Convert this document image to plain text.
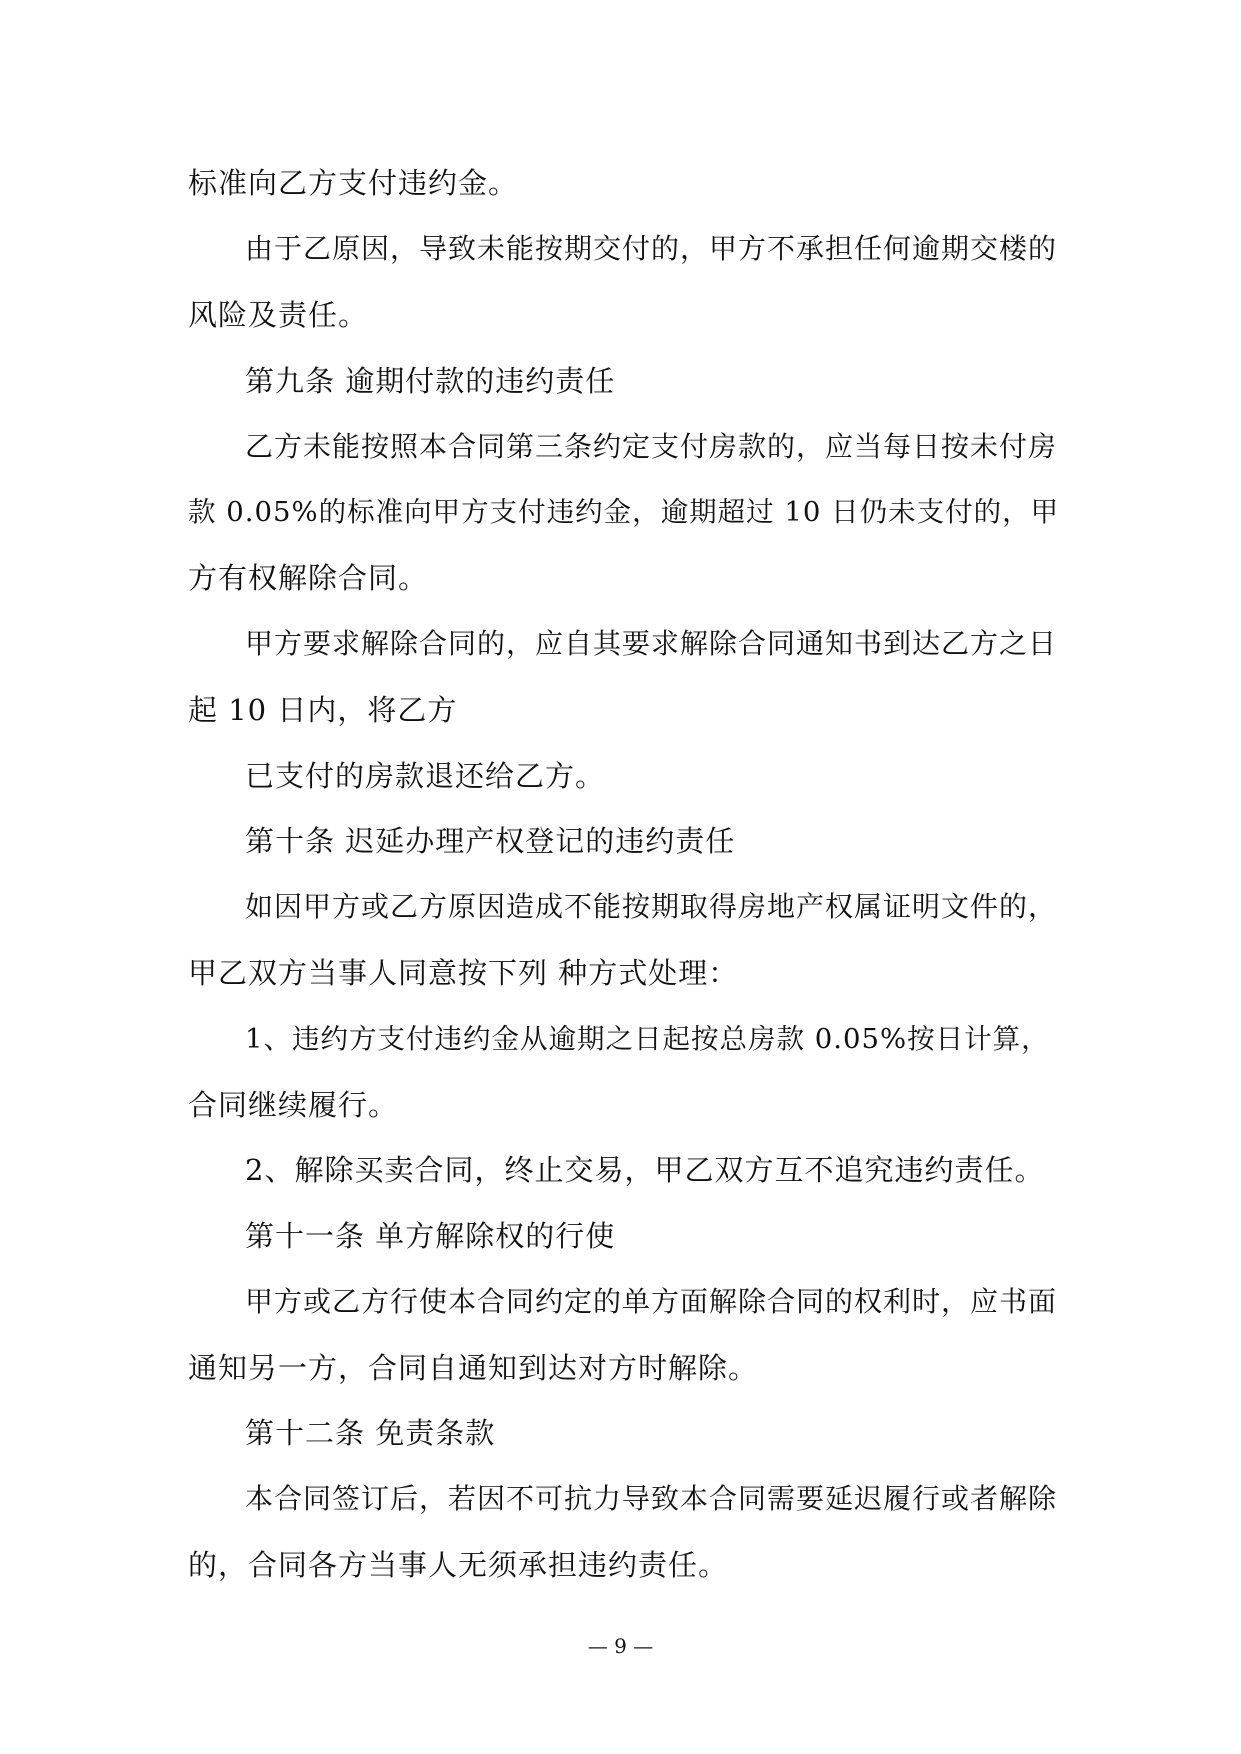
标准向乙方支付违约金。
由于乙原因，导致未能按期交付的，甲方不承担任何逾期交楼的
风险及责任。
第九条 逾期付款的违约责任
乙方未能按照本合同第三条约定支付房款的，应当每日按未付房
款 0.05%的标准向甲方支付违约金，逾期超过 10 日仍未支付的，甲
方有权解除合同。
甲方要求解除合同的，应自其要求解除合同通知书到达乙方之日
起 10 日内，将乙方
已支付的房款退还给乙方。
第十条 迟延办理产权登记的违约责任
如因甲方或乙方原因造成不能按期取得房地产权属证明文件的，
甲乙双方当事人同意按下列 种方式处理：
1、违约方支付违约金从逾期之日起按总房款 0.05%按日计算，
合同继续履行。
2、解除买卖合同，终止交易，甲乙双方互不追究违约责任。
第十一条 单方解除权的行使
甲方或乙方行使本合同约定的单方面解除合同的权利时，应书面
通知另一方，合同自通知到达对方时解除。
第十二条 免责条款
本合同签订后，若因不可抗力导致本合同需要延迟履行或者解除
的，合同各方当事人无须承担违约责任。
— 9 —
